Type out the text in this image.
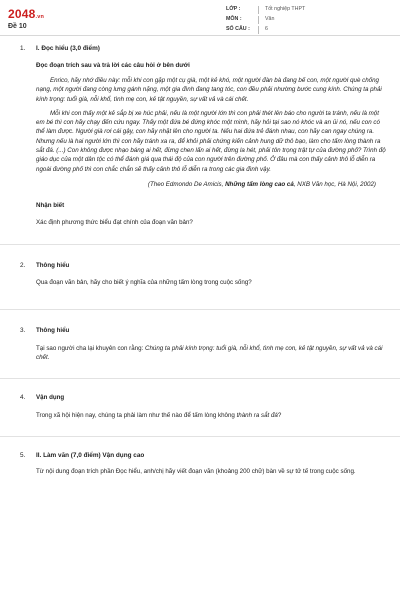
2048.vn
Đề 10
LỚP :	Tốt nghiệp THPT
MÔN :	Văn
SỐ CÂU :	6
1. I. Đọc hiểu (3,0 điểm)
Đọc đoạn trích sau và trả lời các câu hỏi ở bên dưới

Enrico, hãy nhớ điều này: mỗi khi con gặp một cụ già, một kẻ khó, một người đàn bà đang bế con, một người què chống nạng, một người đang còng lưng gánh nặng, một gia đình đang tang tóc, con đều phải nhường bước cung kính. Chúng ta phải kính trọng: tuổi già, nỗi khổ, tình mẹ con, kẻ tật nguyền, sự vất vả và cái chết.

Mỗi khi con thấy một kẻ sắp bị xe húc phải, nếu là một người lớn thì con phải thét lên báo cho người ta tránh, nếu là một em bé thì con hãy chạy đến cứu ngay. Thấy một đứa bé đứng khóc một mình, hãy hỏi tại sao nó khóc và an ủi nó, nếu con có thể làm được. Người già rơi cái gậy, con hãy nhặt lên cho người ta. Nếu hai đứa trẻ đánh nhau, con hãy can ngay chúng ra. Nhưng nếu là hai người lớn thì con hãy tránh xa ra, để khỏi phải chứng kiến cảnh hung dữ thô bạo, làm cho tấm lòng thành ra sắt đá. (...) Con không được nhạo báng ai hết, đừng chen lấn ai hết, đừng la hét, phải tôn trọng trật tự của đường phố? Trình độ giáo dục của một dân tộc có thể đánh giá qua thái độ của con người trên đường phố. Ở đâu mà con thấy cảnh thô lỗ diễn ra ngoài đường phố thì con chắc chắn sẽ thấy cảnh thô lỗ diễn ra trong các gia đình vậy.

(Theo Edmondo De Amicis, Những tấm lòng cao cả, NXB Văn học, Hà Nội, 2002)
Nhận biết
Xác định phương thức biểu đạt chính của đoạn văn bản?
2. Thông hiểu
Qua đoạn văn bản, hãy cho biết ý nghĩa của những tấm lòng trong cuộc sống?
3. Thông hiểu
Tại sao người cha lại khuyên con rằng: Chúng ta phải kính trọng: tuổi già, nỗi khổ, tình mẹ con, kẻ tật nguyền, sự vất vả và cái chết.
4. Vận dụng
Trong xã hội hiện nay, chúng ta phải làm như thế nào để tấm lòng không thành ra sắt đá?
5. II. Làm văn (7,0 điểm) Vận dụng cao
Từ nội dung đoạn trích phần Đọc hiểu, anh/chị hãy viết đoạn văn (khoảng 200 chữ) bàn về sự tử tế trong cuộc sống.
